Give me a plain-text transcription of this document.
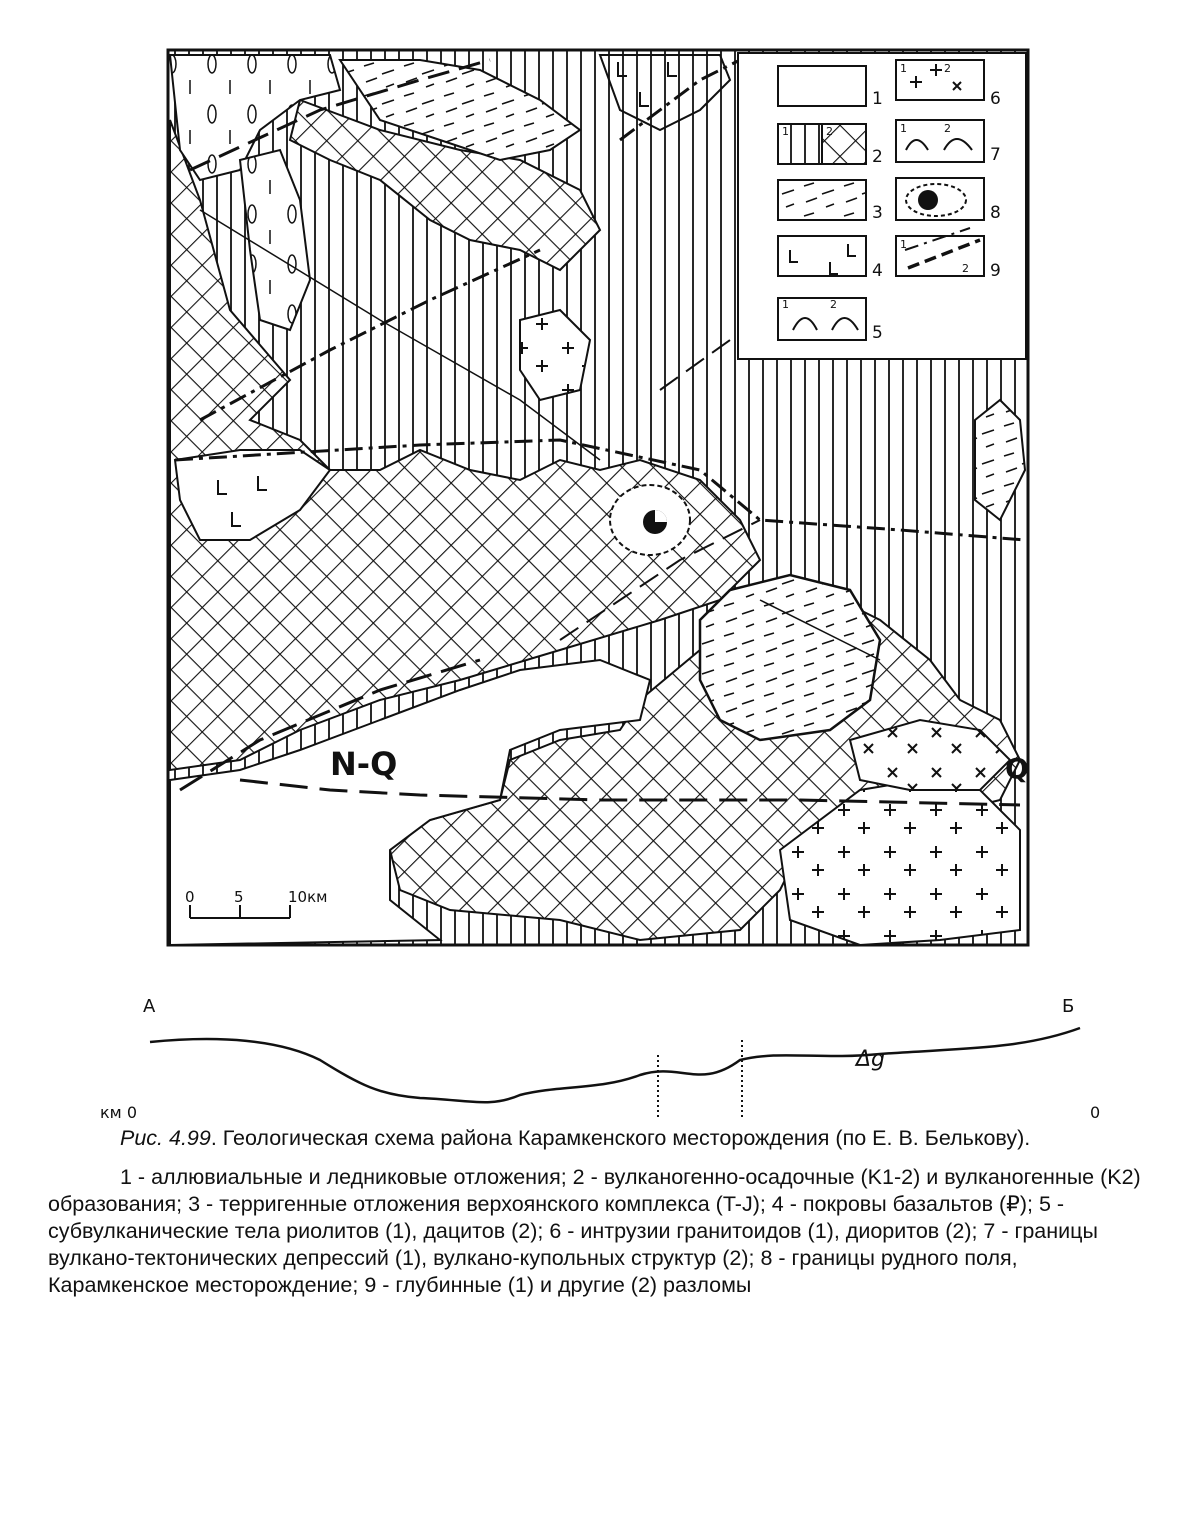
N-Q	Q
0	5	10км
1
2
3
4
5
6
7
8
9
1	2
1	2
1	2
1
2
1	2
А	Б
Δg
км 0	0

Рис. 4.99. Геологическая схема района Карамкенского месторождения (по Е. В. Белькову).

1 - аллювиальные и ледниковые отложения; 2 - вулканогенно-осадочные (K1-2) и вулканогенные (K2) образования; 3 - терригенные отложения верхоянского комплекса (T-J); 4 - покровы базальтов (₽); 5 - субвулканические тела риолитов (1), дацитов (2); 6 - интрузии гранитоидов (1), диоритов (2); 7 - границы вулкано-тектонических депрессий (1), вулкано-купольных структур (2); 8 - границы рудного поля, Карамкенское месторождение; 9 - глубинные (1) и другие (2) разломы
